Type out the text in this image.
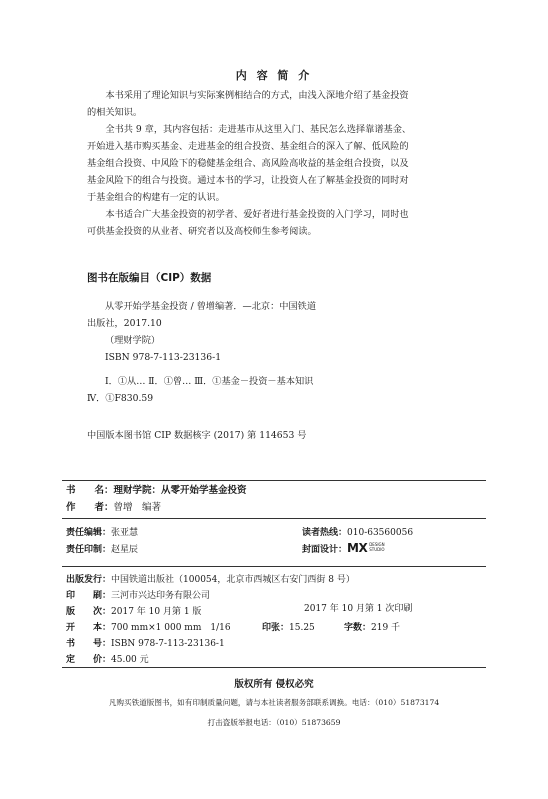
内 容 简 介
本书采用了理论知识与实际案例相结合的方式，由浅入深地介绍了基金投资
的相关知识。
全书共 9 章，其内容包括：走进基市从这里入门、基民怎么选择靠谱基金、
开始进入基市购买基金、走进基金的组合投资、基金组合的深入了解、低风险的
基金组合投资、中风险下的稳健基金组合、高风险高收益的基金组合投资，以及
基金风险下的组合与投资。通过本书的学习，让投资人在了解基金投资的同时对
于基金组合的构建有一定的认识。
本书适合广大基金投资的初学者、爱好者进行基金投资的入门学习，同时也
可供基金投资的从业者、研究者以及高校师生参考阅读。
图书在版编目（CIP）数据
从零开始学基金投资 / 曾增编著．—北京：中国铁道
出版社，2017.10
（理财学院）
ISBN 978-7-113-23136-1
Ⅰ．①从… Ⅱ．①曾… Ⅲ．①基金－投资－基本知识
Ⅳ．①F830.59
中国版本图书馆 CIP 数据核字 (2017) 第 114653 号
书　　名：理财学院：从零开始学基金投资
作　　者：曾增　编著
责任编辑：张亚慧	读者热线：010-63560056
责任印制：赵星辰	封面设计：MX DESIGN
STUDIO
出版发行：中国铁道出版社（100054，北京市西城区右安门西街 8 号）
印　　刷：三河市兴达印务有限公司
版　　次：2017 年 10 月第 1 版	2017 年 10 月第 1 次印刷
开　　本：700 mm×1 000 mm　1/16	印张：15.25	字数：219 千
书　　号：ISBN 978-7-113-23136-1
定　　价：45.00 元
版权所有 侵权必究
凡购买铁道版图书，如有印制质量问题，请与本社读者服务部联系调换。电话：（010）51873174
打击盗版举报电话：（010）51873659
